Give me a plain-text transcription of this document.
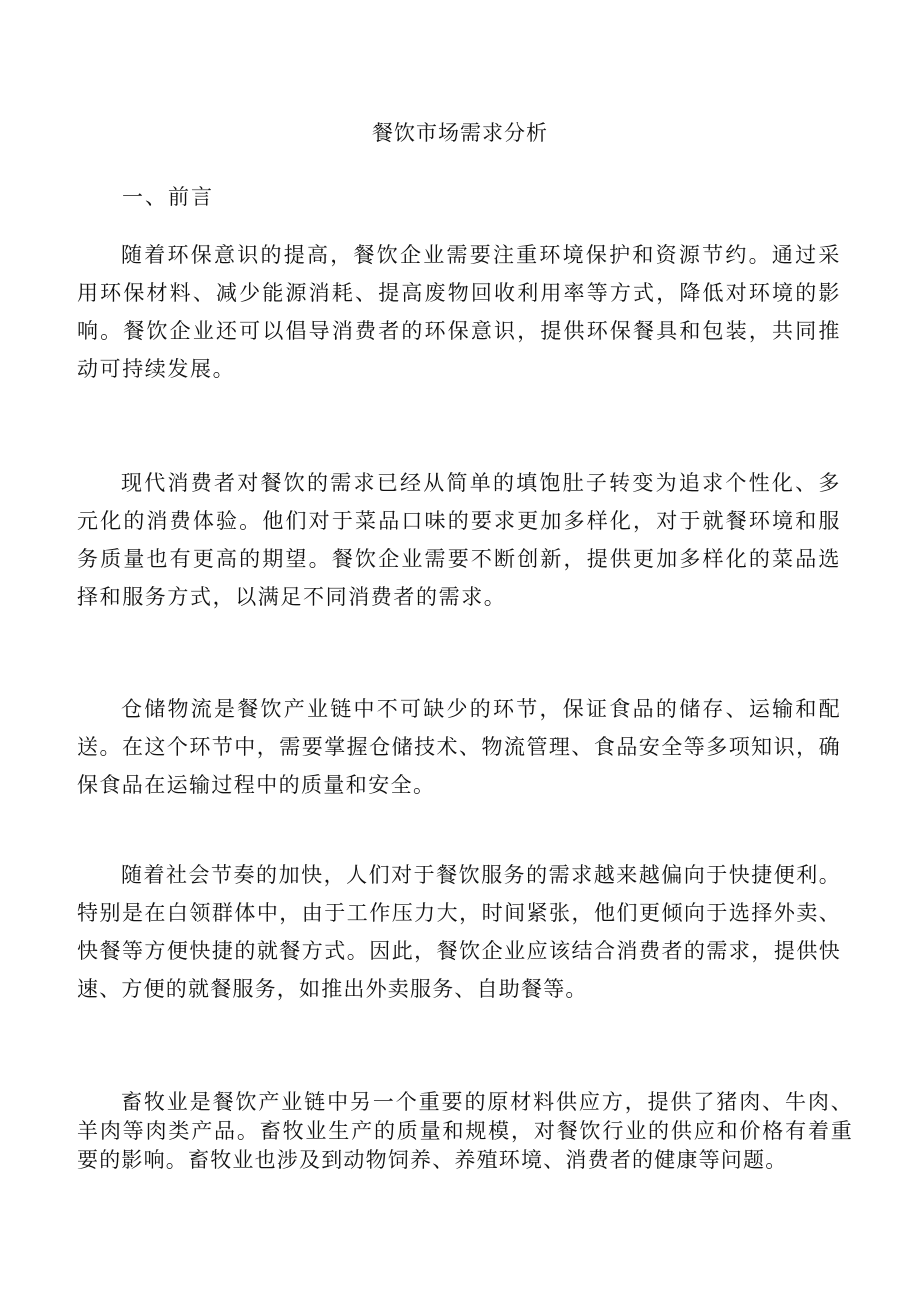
餐饮市场需求分析
一、前言

随着环保意识的提高，餐饮企业需要注重环境保护和资源节约。通过采用环保材料、减少能源消耗、提高废物回收利用率等方式，降低对环境的影响。餐饮企业还可以倡导消费者的环保意识，提供环保餐具和包装，共同推动可持续发展。

现代消费者对餐饮的需求已经从简单的填饱肚子转变为追求个性化、多元化的消费体验。他们对于菜品口味的要求更加多样化，对于就餐环境和服务质量也有更高的期望。餐饮企业需要不断创新，提供更加多样化的菜品选择和服务方式，以满足不同消费者的需求。

仓储物流是餐饮产业链中不可缺少的环节，保证食品的储存、运输和配送。在这个环节中，需要掌握仓储技术、物流管理、食品安全等多项知识，确保食品在运输过程中的质量和安全。

随着社会节奏的加快，人们对于餐饮服务的需求越来越偏向于快捷便利。特别是在白领群体中，由于工作压力大，时间紧张，他们更倾向于选择外卖、快餐等方便快捷的就餐方式。因此，餐饮企业应该结合消费者的需求，提供快速、方便的就餐服务，如推出外卖服务、自助餐等。

畜牧业是餐饮产业链中另一个重要的原材料供应方，提供了猪肉、牛肉、羊肉等肉类产品。畜牧业生产的质量和规模，对餐饮行业的供应和价格有着重要的影响。畜牧业也涉及到动物饲养、养殖环境、消费者的健康等问题。
